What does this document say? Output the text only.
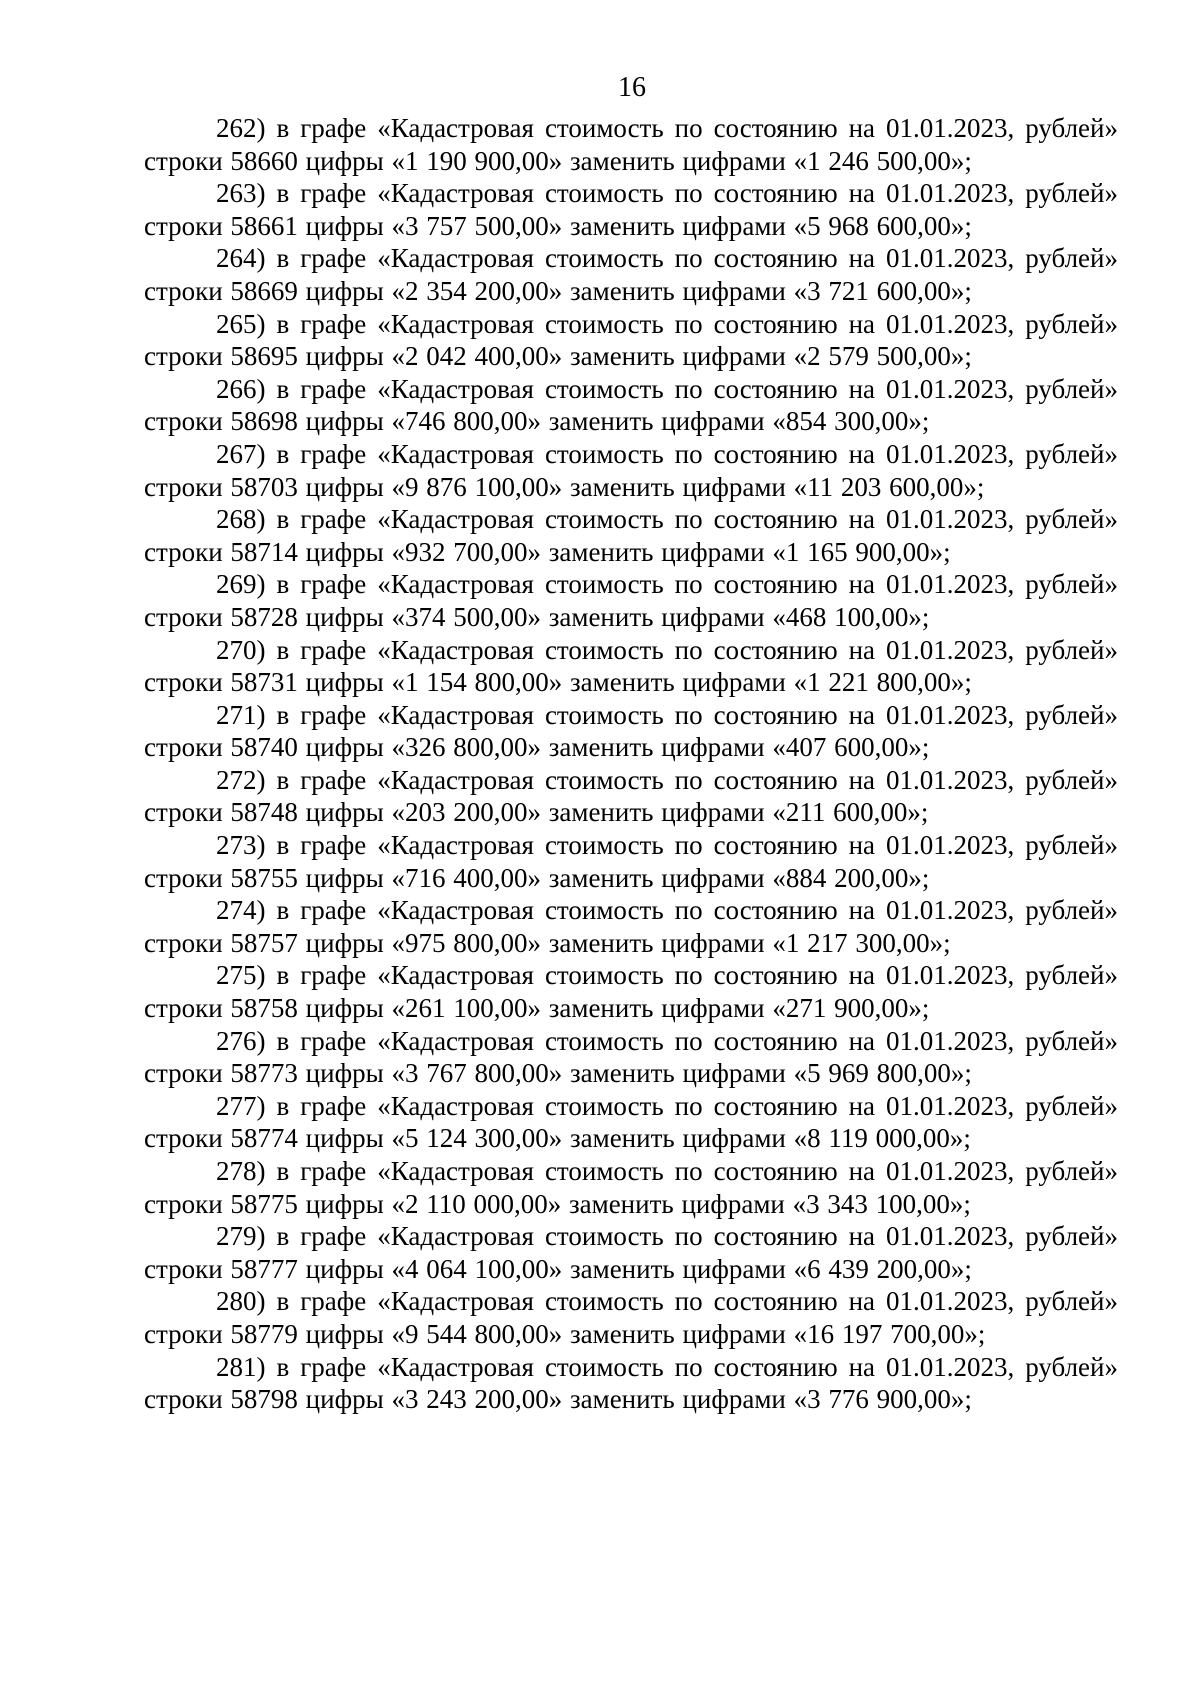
16

262) в графе «Кадастровая стоимость по состоянию на 01.01.2023, рублей» строки 58660 цифры «1 190 900,00» заменить цифрами «1 246 500,00»;

263) в графе «Кадастровая стоимость по состоянию на 01.01.2023, рублей» строки 58661 цифры «3 757 500,00» заменить цифрами «5 968 600,00»;

264) в графе «Кадастровая стоимость по состоянию на 01.01.2023, рублей» строки 58669 цифры «2 354 200,00» заменить цифрами «3 721 600,00»;

265) в графе «Кадастровая стоимость по состоянию на 01.01.2023, рублей» строки 58695 цифры «2 042 400,00» заменить цифрами «2 579 500,00»;

266) в графе «Кадастровая стоимость по состоянию на 01.01.2023, рублей» строки 58698 цифры «746 800,00» заменить цифрами «854 300,00»;

267) в графе «Кадастровая стоимость по состоянию на 01.01.2023, рублей» строки 58703 цифры «9 876 100,00» заменить цифрами «11 203 600,00»;

268) в графе «Кадастровая стоимость по состоянию на 01.01.2023, рублей» строки 58714 цифры «932 700,00» заменить цифрами «1 165 900,00»;

269) в графе «Кадастровая стоимость по состоянию на 01.01.2023, рублей» строки 58728 цифры «374 500,00» заменить цифрами «468 100,00»;

270) в графе «Кадастровая стоимость по состоянию на 01.01.2023, рублей» строки 58731 цифры «1 154 800,00» заменить цифрами «1 221 800,00»;

271) в графе «Кадастровая стоимость по состоянию на 01.01.2023, рублей» строки 58740 цифры «326 800,00» заменить цифрами «407 600,00»;

272) в графе «Кадастровая стоимость по состоянию на 01.01.2023, рублей» строки 58748 цифры «203 200,00» заменить цифрами «211 600,00»;

273) в графе «Кадастровая стоимость по состоянию на 01.01.2023, рублей» строки 58755 цифры «716 400,00» заменить цифрами «884 200,00»;

274) в графе «Кадастровая стоимость по состоянию на 01.01.2023, рублей» строки 58757 цифры «975 800,00» заменить цифрами «1 217 300,00»;

275) в графе «Кадастровая стоимость по состоянию на 01.01.2023, рублей» строки 58758 цифры «261 100,00» заменить цифрами «271 900,00»;

276) в графе «Кадастровая стоимость по состоянию на 01.01.2023, рублей» строки 58773 цифры «3 767 800,00» заменить цифрами «5 969 800,00»;

277) в графе «Кадастровая стоимость по состоянию на 01.01.2023, рублей» строки 58774 цифры «5 124 300,00» заменить цифрами «8 119 000,00»;

278) в графе «Кадастровая стоимость по состоянию на 01.01.2023, рублей» строки 58775 цифры «2 110 000,00» заменить цифрами «3 343 100,00»;

279) в графе «Кадастровая стоимость по состоянию на 01.01.2023, рублей» строки 58777 цифры «4 064 100,00» заменить цифрами «6 439 200,00»;

280) в графе «Кадастровая стоимость по состоянию на 01.01.2023, рублей» строки 58779 цифры «9 544 800,00» заменить цифрами «16 197 700,00»;

281) в графе «Кадастровая стоимость по состоянию на 01.01.2023, рублей» строки 58798 цифры «3 243 200,00» заменить цифрами «3 776 900,00»;
